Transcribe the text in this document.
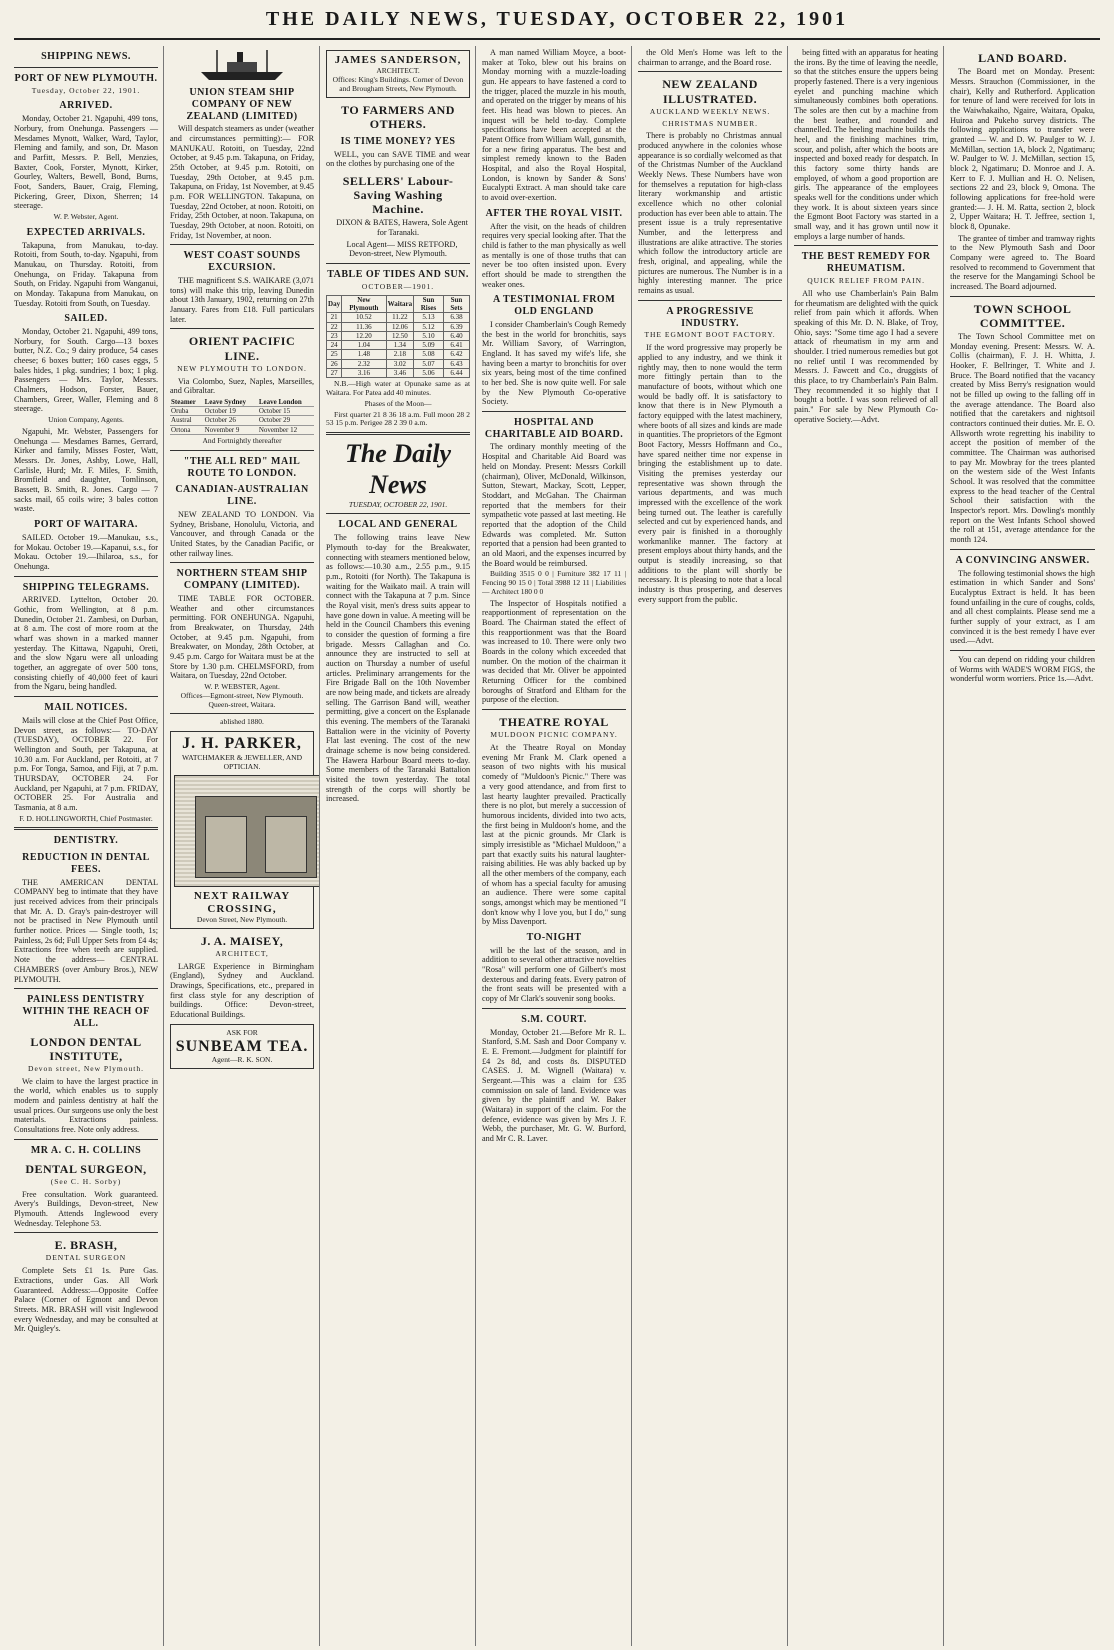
THE DAILY NEWS, TUESDAY, OCTOBER 22, 1901
SHIPPING NEWS.
PORT OF NEW PLYMOUTH.
Tuesday, October 22, 1901.
ARRIVED.

Monday, October 21. Ngapuhi, 499 tons, Norbury, from Onehunga. Passengers — Mesdames Mynott, Walker, Ward, Taylor, Fleming and family, and son, Dr. Mason and Parfitt, Messrs. P. Bell, Menzies, Baxter, Cook, Forster, Mynott, Kirker, Gourley, Walters, Bewell, Bond, Burns, Foot, Sanders, Bauer, Craig, Fleming, Pickering, Greer, Dixon, Sherren; 14 steerage.

W. P. Webster, Agent.
EXPECTED ARRIVALS.

Takapuna, from Manukau, to-day. Rotoiti, from South, to-day. Ngapuhi, from Manukau, on Thursday. Rotoiti, from Onehunga, on Friday. Takapuna from South, on Friday. Ngapuhi from Wanganui, on Monday. Takapuna from Manukau, on Tuesday. Rotoiti from South, on Tuesday.

SAILED.

Monday, October 21. Ngapuhi, 499 tons, Norbury, for South. Cargo—13 boxes butter, N.Z. Co.; 9 dairy produce, 54 cases cheese; 6 boxes butter; 160 cases eggs, 5 bales hides, 1 pkg. sundries; 1 box; 1 pkg. Passengers — Mrs. Taylor, Messrs. Chalmers, Hodson, Forster, Bauer, Chambers, Greer, Waller, Fleming and 8 steerage.

Union Company, Agents.

Ngapuhi, Mr. Webster, Passengers for Onehunga — Mesdames Barnes, Gerrard, Kirker and family, Misses Foster, Watt, Messrs. Dr. Jones, Ashby, Lowe, Hall, Carlisle, Hurd; Mr. F. Miles, F. Smith, Bromfield and daughter, Tomlinson, Bassett, B. Smith, R. Jones. Cargo — 7 sacks mail, 65 coils wire; 3 bales cotton waste.

PORT OF WAITARA.

SAILED. October 19.—Manukau, s.s., for Mokau. October 19.—Kapanui, s.s., for Mokau. October 19.—Ihilaroa, s.s., for Onehunga.

SHIPPING TELEGRAMS.

ARRIVED. Lyttelton, October 20. Gothic, from Wellington, at 8 p.m. Dunedin, October 21. Zambesi, on Durban, at 8 a.m. The cost of more room at the wharf was shown in a marked manner yesterday. The Kittawa, Ngapuhi, Oreti, and the slow Ngaru were all unloading together, an aggregate of over 500 tons, consisting chiefly of 40,000 feet of kauri from the Ngaru, being handled.

MAIL NOTICES.

Mails will close at the Chief Post Office, Devon street, as follows:— TO-DAY (TUESDAY), OCTOBER 22. For Wellington and South, per Takapuna, at 10.30 a.m. For Auckland, per Rotoiti, at 7 p.m. For Tonga, Samoa, and Fiji, at 7 p.m. THURSDAY, OCTOBER 24. For Auckland, per Ngapuhi, at 7 p.m. FRIDAY, OCTOBER 25. For Australia and Tasmania, at 8 a.m.

F. D. HOLLINGWORTH, Chief Postmaster.
DENTISTRY.
REDUCTION IN DENTAL FEES.

THE AMERICAN DENTAL COMPANY beg to intimate that they have just received advices from their principals that Mr. A. D. Gray's pain-destroyer will not be practised in New Plymouth until further notice. Prices — Single tooth, 1s; Painless, 2s 6d; Full Upper Sets from £4 4s; Extractions free when teeth are supplied. Note the address— CENTRAL CHAMBERS (over Ambury Bros.), NEW PLYMOUTH.

PAINLESS DENTISTRY WITHIN THE REACH OF ALL.
LONDON DENTAL INSTITUTE,
Devon street, New Plymouth.

We claim to have the largest practice in the world, which enables us to supply modern and painless dentistry at half the usual prices. Our surgeons use only the best materials. Extractions painless. Consultations free. Note only address.

MR A. C. H. COLLINS
DENTAL SURGEON,
(See C. H. Sorby)

Free consultation. Work guaranteed. Avery's Buildings, Devon-street, New Plymouth. Attends Inglewood every Wednesday. Telephone 53.

E. BRASH,
DENTAL SURGEON

Complete Sets £1 1s. Pure Gas. Extractions, under Gas. All Work Guaranteed. Address:—Opposite Coffee Palace (Corner of Egmont and Devon Streets. MR. BRASH will visit Inglewood every Wednesday, and may be consulted at Mr. Quigley's.

UNION STEAM SHIP COMPANY OF NEW ZEALAND (LIMITED)

Will despatch steamers as under (weather and circumstances permitting):— FOR MANUKAU. Rotoiti, on Tuesday, 22nd October, at 9.45 p.m. Takapuna, on Friday, 25th October, at 9.45 p.m. Rotoiti, on Tuesday, 29th October, at 9.45 p.m. Takapuna, on Friday, 1st November, at 9.45 p.m. FOR WELLINGTON. Takapuna, on Tuesday, 22nd October, at noon. Rotoiti, on Friday, 25th October, at noon. Takapuna, on Tuesday, 29th October, at noon. Rotoiti, on Friday, 1st November, at noon.

WEST COAST SOUNDS EXCURSION.

THE magnificent S.S. WAIKARE (3,071 tons) will make this trip, leaving Dunedin about 13th January, 1902, returning on 27th January. Fares from £18. Full particulars later.

ORIENT PACIFIC LINE.
NEW PLYMOUTH TO LONDON.

Via Colombo, Suez, Naples, Marseilles, and Gibraltar.

Steamer	Leave Sydney	Leave London
Oruba	October 19	October 15
Austral	October 26	October 29
Ortona	November 9	November 12
And Fortnightly thereafter
"THE ALL RED" MAIL ROUTE TO LONDON.
CANADIAN-AUSTRALIAN LINE.

NEW ZEALAND TO LONDON. Via Sydney, Brisbane, Honolulu, Victoria, and Vancouver, and through Canada or the United States, by the Canadian Pacific, or other railway lines.

NORTHERN STEAM SHIP COMPANY (LIMITED).

TIME TABLE FOR OCTOBER. Weather and other circumstances permitting. FOR ONEHUNGA. Ngapuhi, from Breakwater, on Thursday, 24th October, at 9.45 p.m. Ngapuhi, from Breakwater, on Monday, 28th October, at 9.45 p.m. Cargo for Waitara must be at the Store by 1.30 p.m. CHELMSFORD, from Waitara, on Tuesday, 22nd October.

W. P. WEBSTER, Agent.
Offices—Egmont-street, New Plymouth. Queen-street, Waitara.
ablished 1880.
J. H. PARKER,
WATCHMAKER & JEWELLER, AND OPTICIAN.
NEXT RAILWAY CROSSING,
Devon Street, New Plymouth.
J. A. MAISEY,
ARCHITECT,

LARGE Experience in Birmingham (England), Sydney and Auckland. Drawings, Specifications, etc., prepared in first class style for any description of buildings. Office: Devon-street, Educational Buildings.

ASK FOR
SUNBEAM TEA.
Agent—R. K. SON.
JAMES SANDERSON,
ARCHITECT.
Offices: King's Buildings. Corner of Devon and Brougham Streets, New Plymouth.
TO FARMERS AND OTHERS.
IS TIME MONEY? YES

WELL, you can SAVE TIME and wear on the clothes by purchasing one of the

SELLERS' Labour-Saving Washing Machine.

DIXON & BATES, Hawera, Sole Agent for Taranaki.

Local Agent— MISS RETFORD, Devon-street, New Plymouth.

TABLE OF TIDES AND SUN.
OCTOBER—1901.
Day	New Plymouth	Waitara	Sun Rises	Sun Sets
21	10.52	11.22	5.13	6.38
22	11.36	12.06	5.12	6.39
23	12.20	12.50	5.10	6.40
24	1.04	1.34	5.09	6.41
25	1.48	2.18	5.08	6.42
26	2.32	3.02	5.07	6.43
27	3.16	3.46	5.06	6.44

N.B.—High water at Opunake same as at Waitara. For Patea add 40 minutes.

Phases of the Moon—

First quarter 21 8 36 18 a.m. Full moon 28 2 53 15 p.m. Perigee 28 2 39 0 a.m.

The Daily News
TUESDAY, OCTOBER 22, 1901.
LOCAL AND GENERAL

The following trains leave New Plymouth to-day for the Breakwater, connecting with steamers mentioned below, as follows:—10.30 a.m., 2.55 p.m., 9.15 p.m., Rotoiti (for North). The Takapuna is waiting for the Waikato mail. A train will connect with the Takapuna at 7 p.m. Since the Royal visit, men's dress suits appear to have gone down in value. A meeting will be held in the Council Chambers this evening to consider the question of forming a fire brigade. Messrs Callaghan and Co. announce they are instructed to sell at auction on Thursday a number of useful articles. Preliminary arrangements for the Fire Brigade Ball on the 10th November are now being made, and tickets are already selling. The Garrison Band will, weather permitting, give a concert on the Esplanade this evening. The members of the Taranaki Battalion were in the vicinity of Poverty Flat last evening. The cost of the new drainage scheme is now being considered. The Hawera Harbour Board meets to-day. Some members of the Taranaki Battalion visited the town yesterday. The total strength of the corps will shortly be increased.

A man named William Moyce, a boot-maker at Toko, blew out his brains on Monday morning with a muzzle-loading gun. He appears to have fastened a cord to the trigger, placed the muzzle in his mouth, and operated on the trigger by means of his feet. His head was blown to pieces. An inquest will be held to-day. Complete specifications have been accepted at the Patent Office from William Wall, gunsmith, for a new firing apparatus. The best and simplest remedy known to the Baden Hospital, and also the Royal Hospital, London, is known by Sander & Sons' Eucalypti Extract. A man should take care to avoid over-exertion.

AFTER THE ROYAL VISIT.

After the visit, on the heads of children requires very special looking after. That the child is father to the man physically as well as mentally is one of those truths that can never be too often insisted upon. Every effort should be made to strengthen the weaker ones.

A TESTIMONIAL FROM OLD ENGLAND

I consider Chamberlain's Cough Remedy the best in the world for bronchitis, says Mr. William Savory, of Warrington, England. It has saved my wife's life, she having been a martyr to bronchitis for over six years, being most of the time confined to her bed. She is now quite well. For sale by the New Plymouth Co-operative Society.

HOSPITAL AND CHARITABLE AID BOARD.

The ordinary monthly meeting of the Hospital and Charitable Aid Board was held on Monday. Present: Messrs Corkill (chairman), Oliver, McDonald, Wilkinson, Sutton, Stewart, Mackay, Scott, Lepper, Stoddart, and McGahan. The Chairman reported that the members for their sympathetic vote passed at last meeting. He reported that the adoption of the Child Edwards was completed. Mr. Sutton reported that a pension had been granted to an old Maori, and the expenses incurred by the Board would be reimbursed.

Building 3515 0 0 | Furniture 382 17 11 | Fencing 90 15 0 | Total 3988 12 11 | Liabilities — Architect 180 0 0

The Inspector of Hospitals notified a reapportionment of representation on the Board. The Chairman stated the effect of this reapportionment was that the Board was increased to 10. There were only two Boards in the colony which exceeded that number. On the motion of the chairman it was decided that Mr. Oliver be appointed Returning Officer for the combined boroughs of Stratford and Eltham for the purpose of the election.

THEATRE ROYAL
MULDOON PICNIC COMPANY.

At the Theatre Royal on Monday evening Mr Frank M. Clark opened a season of two nights with his musical comedy of "Muldoon's Picnic." There was a very good attendance, and from first to last hearty laughter prevailed. Practically there is no plot, but merely a succession of humorous incidents, divided into two acts, the first being in Muldoon's home, and the last at the picnic grounds. Mr Clark is simply irresistible as "Michael Muldoon," a part that exactly suits his natural laughter-raising abilities. He was ably backed up by all the other members of the company, each of whom has a special faculty for amusing an audience. There were some capital songs, amongst which may be mentioned "I don't know why I love you, but I do," sung by Miss Davenport.

TO-NIGHT

will be the last of the season, and in addition to several other attractive novelties "Rosa" will perform one of Gilbert's most dexterous and daring feats. Every patron of the front seats will be presented with a copy of Mr Clark's souvenir song books.

S.M. COURT.

Monday, October 21.—Before Mr R. L. Stanford, S.M. Sash and Door Company v. E. E. Fremont.—Judgment for plaintiff for £4 2s 8d, and costs 8s. DISPUTED CASES. J. M. Wignell (Waitara) v. Sergeant.—This was a claim for £35 commission on sale of land. Evidence was given by the plaintiff and W. Baker (Waitara) in support of the claim. For the defence, evidence was given by Mrs J. F. Webb, the purchaser, Mr. G. W. Burford, and Mr C. R. Laver.

the Old Men's Home was left to the chairman to arrange, and the Board rose.

NEW ZEALAND ILLUSTRATED.
AUCKLAND WEEKLY NEWS.
CHRISTMAS NUMBER.

There is probably no Christmas annual produced anywhere in the colonies whose appearance is so cordially welcomed as that of the Christmas Number of the Auckland Weekly News. These Numbers have won for themselves a reputation for high-class literary workmanship and artistic excellence which no other colonial production has ever been able to attain. The present issue is a truly representative Number, and the letterpress and illustrations are alike attractive. The stories which follow the introductory article are fresh, original, and appealing, while the pictures are numerous. The Number is in a highly interesting manner. The price remains as usual.

A PROGRESSIVE INDUSTRY.
THE EGMONT BOOT FACTORY.

If the word progressive may properly be applied to any industry, and we think it rightly may, then to none would the term more fittingly pertain than to the manufacture of boots, without which one would be badly off. It is satisfactory to know that there is in New Plymouth a factory equipped with the latest machinery, where boots of all sizes and kinds are made in quantities. The proprietors of the Egmont Boot Factory, Messrs Hoffmann and Co., have spared neither time nor expense in bringing the establishment up to date. Visiting the premises yesterday our representative was shown through the various departments, and was much impressed with the excellence of the work being turned out. The leather is carefully selected and cut by experienced hands, and every pair is finished in a thoroughly workmanlike manner. The factory at present employs about thirty hands, and the output is steadily increasing, so that additions to the plant will shortly be necessary. It is pleasing to note that a local industry is thus prospering, and deserves every support from the public.

being fitted with an apparatus for heating the irons. By the time of leaving the needle, so that the stitches ensure the uppers being properly fastened. There is a very ingenious eyelet and punching machine which simultaneously combines both operations. The soles are then cut by a machine from the best leather, and rounded and channelled. The heeling machine builds the heel, and the finishing machines trim, scour, and polish, after which the boots are inspected and boxed ready for despatch. In this factory some thirty hands are employed, of whom a good proportion are girls. The appearance of the employees speaks well for the conditions under which they work. It is about sixteen years since the Egmont Boot Factory was started in a small way, and it has grown until now it employs a large number of hands.

THE BEST REMEDY FOR RHEUMATISM.
QUICK RELIEF FROM PAIN.

All who use Chamberlain's Pain Balm for rheumatism are delighted with the quick relief from pain which it affords. When speaking of this Mr. D. N. Blake, of Troy, Ohio, says: "Some time ago I had a severe attack of rheumatism in my arm and shoulder. I tried numerous remedies but got no relief until I was recommended by Messrs. J. Fawcett and Co., druggists of this place, to try Chamberlain's Pain Balm. They recommended it so highly that I bought a bottle. I was soon relieved of all pain." For sale by New Plymouth Co-operative Society.—Advt.

LAND BOARD.

The Board met on Monday. Present: Messrs. Strauchon (Commissioner, in the chair), Kelly and Rutherford. Application for tenure of land were received for lots in the Waiwhakaiho, Ngaire, Waitara, Opaku, Huiroa and Pukeho survey districts. The following applications to transfer were granted — W. and D. W. Paulger to W. J. McMillan, section 1A, block 2, Ngatimaru; W. Paulger to W. J. McMillan, section 15, block 2, Ngatimaru; D. Monroe and J. A. Kerr to F. J. Mullian and H. O. Nelisen, sections 22 and 23, block 9, Omona. The following applications for free-hold were granted:— J. H. M. Ratta, section 2, block 2, Upper Waitara; H. T. Jeffree, section 1, block 8, Opunake.

The grantee of timber and tramway rights to the New Plymouth Sash and Door Company were agreed to. The Board resolved to recommend to Government that the reserve for the Mangamingi School be increased. The Board adjourned.

TOWN SCHOOL COMMITTEE.

The Town School Committee met on Monday evening. Present: Messrs. W. A. Collis (chairman), F. J. H. Whitta, J. Hooker, F. Bellringer, T. White and J. Bruce. The Board notified that the vacancy created by Miss Berry's resignation would not be filled up owing to the falling off in the average attendance. The Board also notified that the caretakers and nightsoil contractors continued their duties. Mr. E. O. Allsworth wrote regretting his inability to accept the position of member of the committee. The Chairman was authorised to pay Mr. Mowbray for the trees planted on the western side of the West Infants School. It was resolved that the committee express to the head teacher of the Central School their satisfaction with the Inspector's report. Mrs. Dowling's monthly report on the West Infants School showed the roll at 151, average attendance for the month 124.

A CONVINCING ANSWER.

The following testimonial shows the high estimation in which Sander and Sons' Eucalyptus Extract is held. It has been found unfailing in the cure of coughs, colds, and all chest complaints. Please send me a further supply of your extract, as I am convinced it is the best remedy I have ever used.—Advt.

You can depend on ridding your children of Worms with WADE'S WORM FIGS, the wonderful worm worriers. Price 1s.—Advt.
